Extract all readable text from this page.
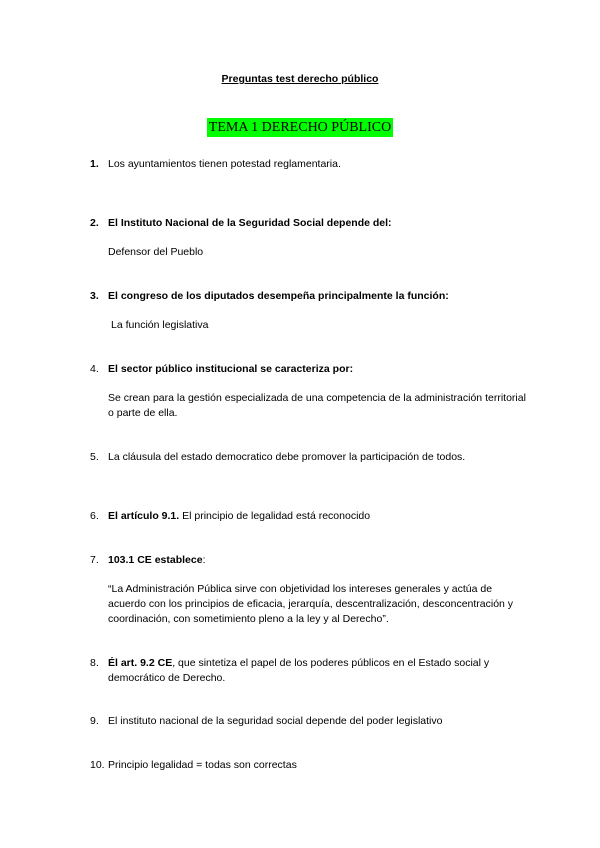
Preguntas test derecho público
TEMA 1 DERECHO PÚBLICO
1. Los ayuntamientos tienen potestad reglamentaria.
2. El Instituto Nacional de la Seguridad Social depende del:
Defensor del Pueblo
3. El congreso de los diputados desempeña principalmente la función:
La función legislativa
4. El sector público institucional se caracteriza por:
Se crean para la gestión especializada de una competencia de la administración territorial o parte de ella.
5. La cláusula del estado democratico debe promover la participación de todos.
6. El artículo 9.1. El principio de legalidad está reconocido
7. 103.1 CE establece:
“La Administración Pública sirve con objetividad los intereses generales y actúa de acuerdo con los principios de eficacia, jerarquía, descentralización, desconcentración y coordinación, con sometimiento pleno a la ley y al Derecho”.
8. Él art. 9.2 CE, que sintetiza el papel de los poderes públicos en el Estado social y democrático de Derecho.
9. El instituto nacional de la seguridad social depende del poder legislativo
10. Principio legalidad = todas son correctas
